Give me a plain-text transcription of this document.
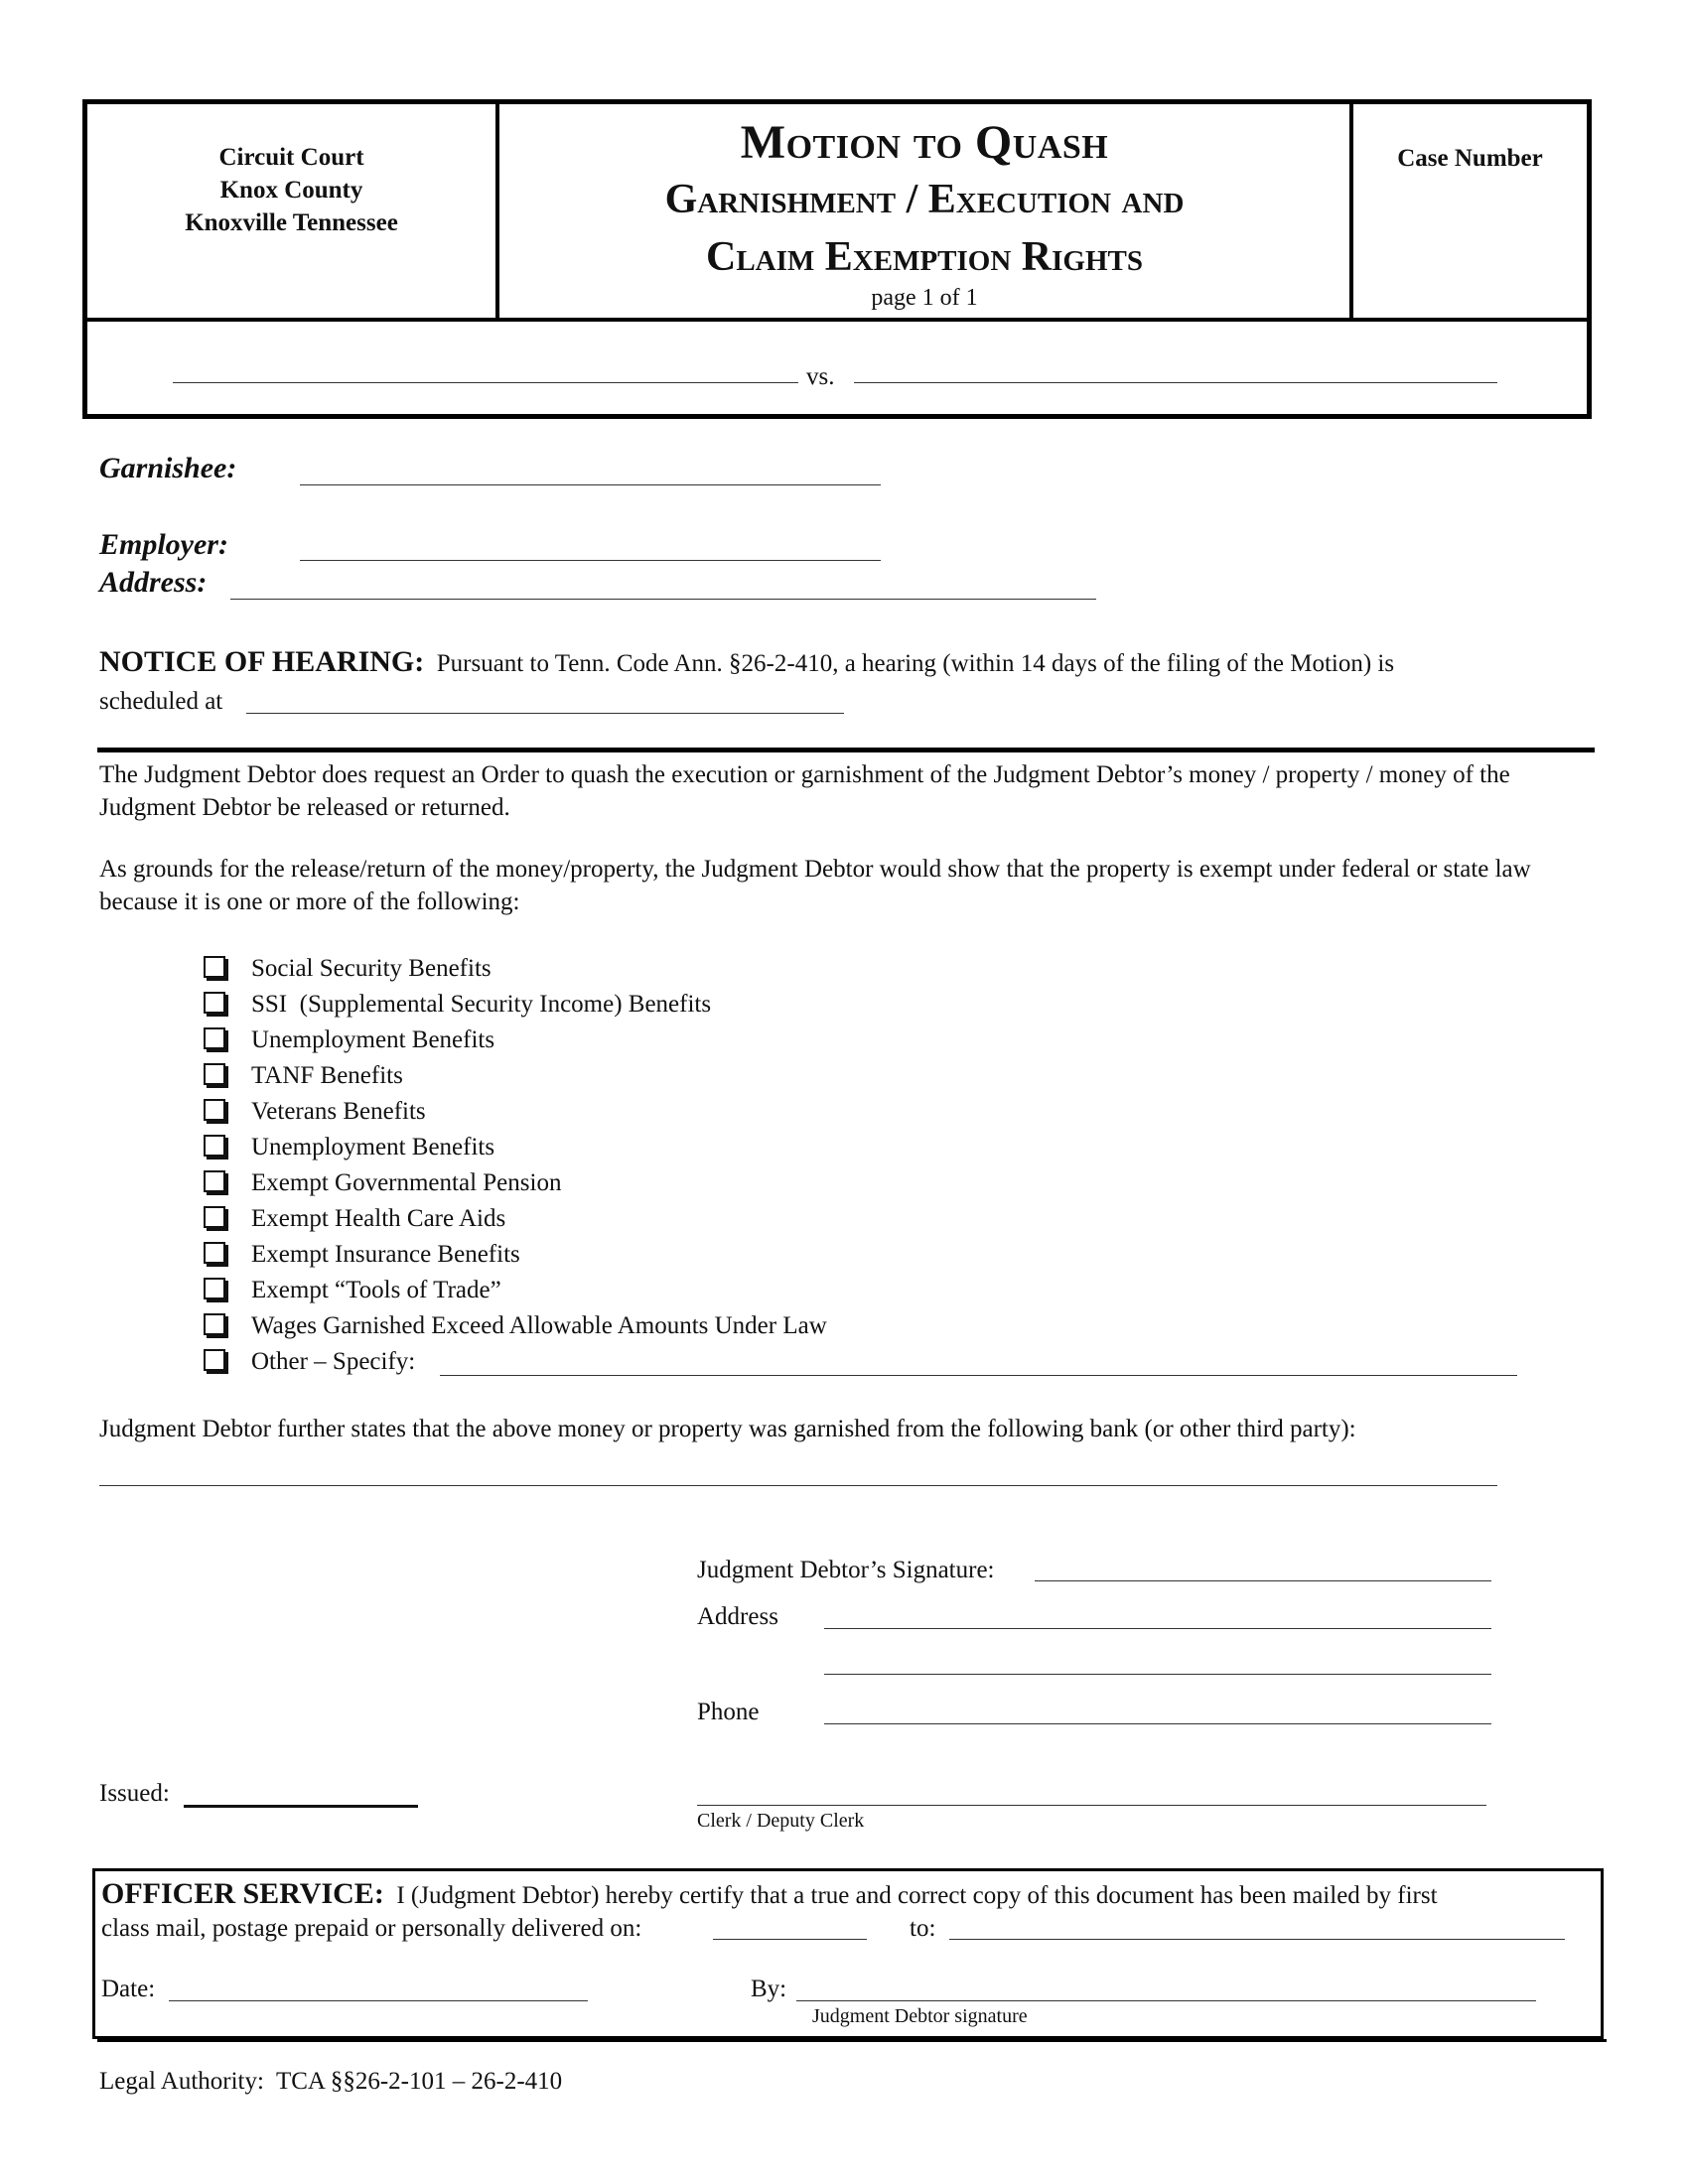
Circuit Court
Knox County
Knoxville Tennessee
Motion to Quash
Garnishment / Execution and
Claim Exemption Rights
page 1 of 1
Case Number
vs.
Garnishee:
Employer:
Address:
NOTICE OF HEARING: Pursuant to Tenn. Code Ann. §26-2-410, a hearing (within 14 days of the filing of the Motion) is
scheduled at
The Judgment Debtor does request an Order to quash the execution or garnishment of the Judgment Debtor’s money / property / money of the Judgment Debtor be released or returned.
As grounds for the release/return of the money/property, the Judgment Debtor would show that the property is exempt under federal or state law because it is one or more of the following:
Social Security Benefits
SSI  (Supplemental Security Income) Benefits
Unemployment Benefits
TANF Benefits
Veterans Benefits
Unemployment Benefits
Exempt Governmental Pension
Exempt Health Care Aids
Exempt Insurance Benefits
Exempt “Tools of Trade”
Wages Garnished Exceed Allowable Amounts Under Law
Other – Specify:
Judgment Debtor further states that the above money or property was garnished from the following bank (or other third party):
Judgment Debtor’s Signature:
Address
Phone
Issued:
Clerk / Deputy Clerk
OFFICER SERVICE: I (Judgment Debtor) hereby certify that a true and correct copy of this document has been mailed by first
class mail, postage prepaid or personally delivered on:	to:
Date:	By:
Judgment Debtor signature
Legal Authority:  TCA §§26-2-101 – 26-2-410
